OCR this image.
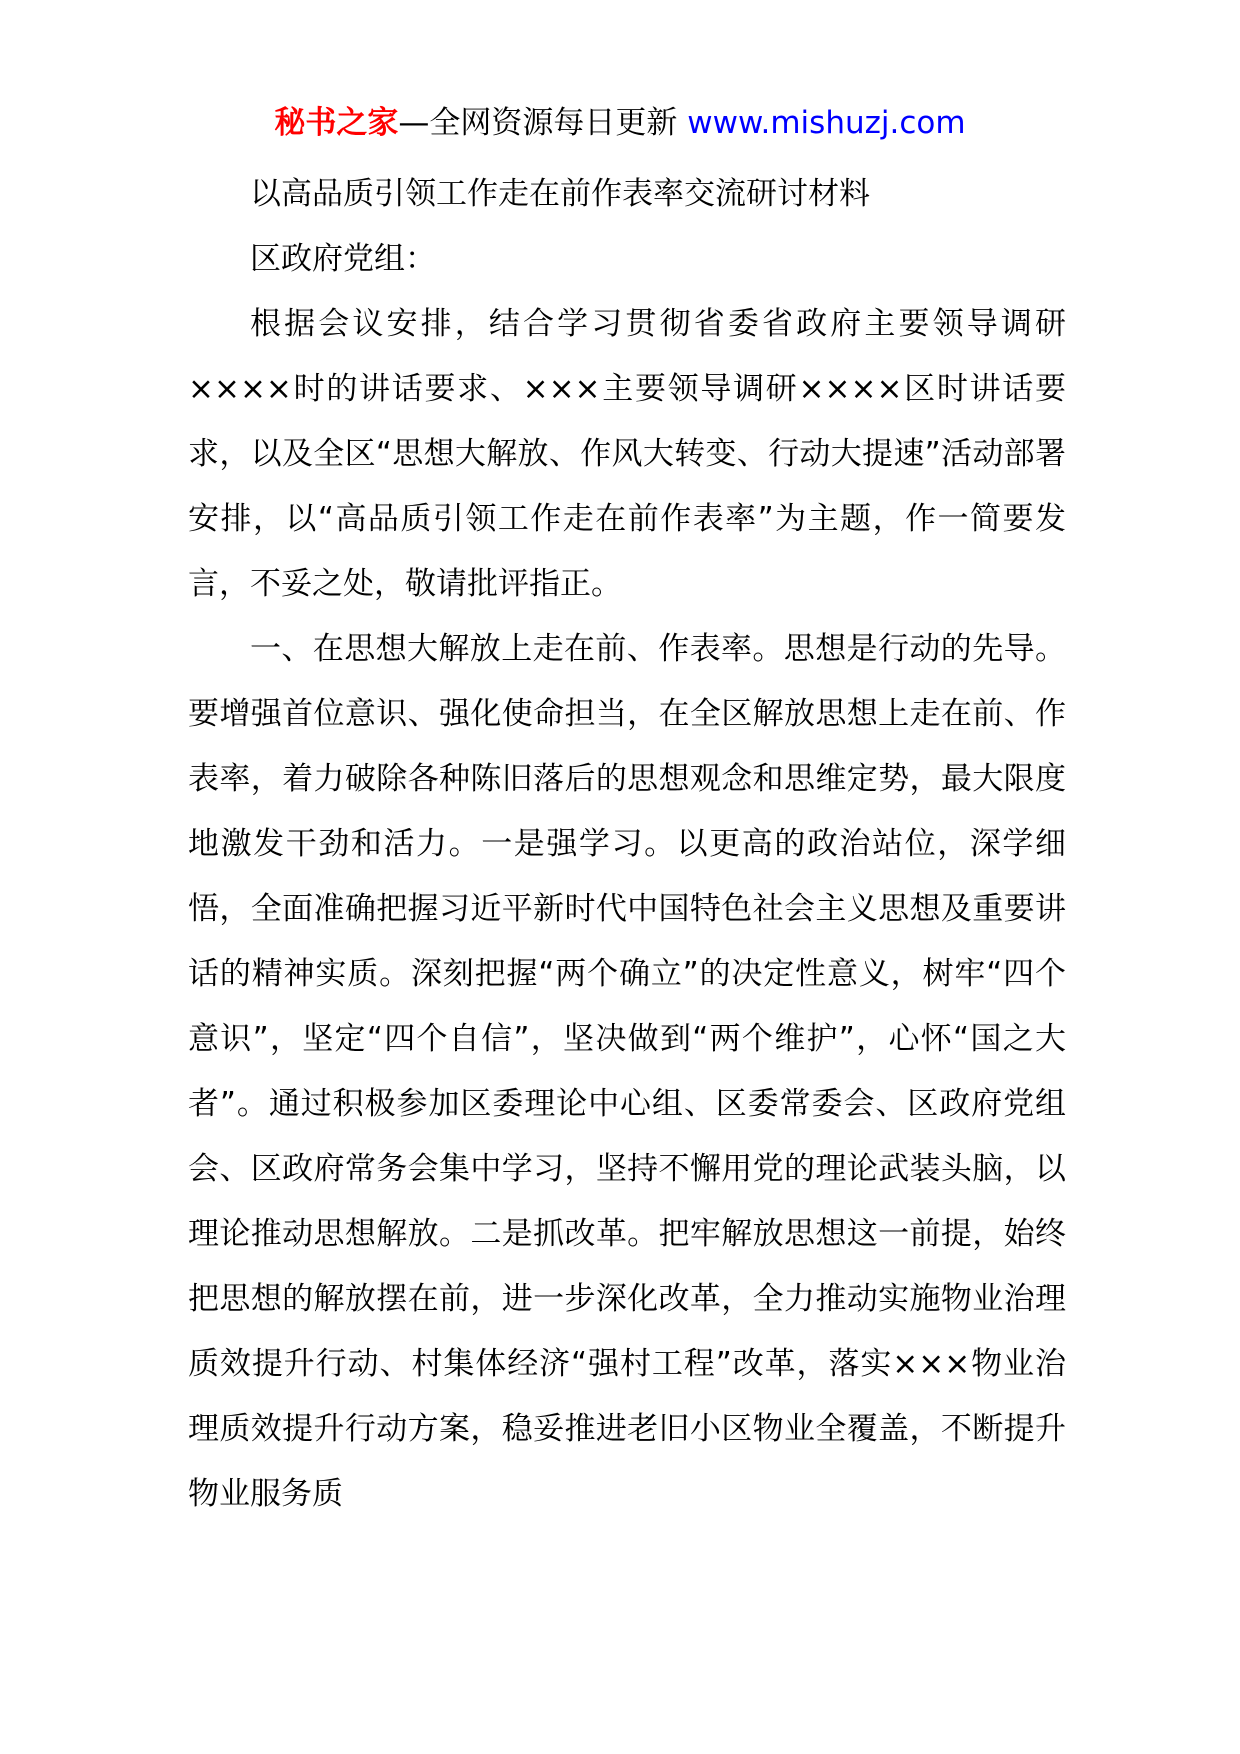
秘书之家—全网资源每日更新 www.mishuzj.com

以高品质引领工作走在前作表率交流研讨材料

区政府党组：

根据会议安排，结合学习贯彻省委省政府主要领导调研××××时的讲话要求、×××主要领导调研××××区时讲话要求，以及全区“思想大解放、作风大转变、行动大提速”活动部署安排，以“高品质引领工作走在前作表率”为主题，作一简要发言，不妥之处，敬请批评指正。

一、在思想大解放上走在前、作表率。思想是行动的先导。要增强首位意识、强化使命担当，在全区解放思想上走在前、作表率，着力破除各种陈旧落后的思想观念和思维定势，最大限度地激发干劲和活力。一是强学习。以更高的政治站位，深学细悟，全面准确把握习近平新时代中国特色社会主义思想及重要讲话的精神实质。深刻把握“两个确立”的决定性意义，树牢“四个意识”，坚定“四个自信”，坚决做到“两个维护”，心怀“国之大者”。通过积极参加区委理论中心组、区委常委会、区政府党组会、区政府常务会集中学习，坚持不懈用党的理论武装头脑，以理论推动思想解放。二是抓改革。把牢解放思想这一前提，始终把思想的解放摆在前，进一步深化改革，全力推动实施物业治理质效提升行动、村集体经济“强村工程”改革，落实×××物业治理质效提升行动方案，稳妥推进老旧小区物业全覆盖，不断提升物业服务质
